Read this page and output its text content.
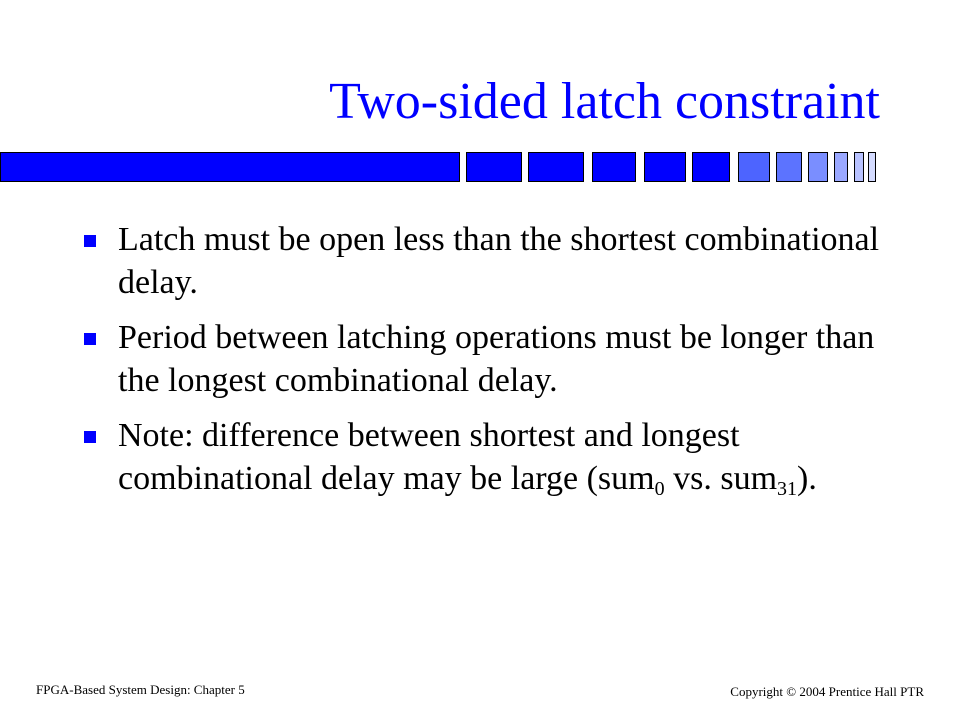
Two-sided latch constraint
Latch must be open less than the shortest combinational delay.
Period between latching operations must be longer than the longest combinational delay.
Note: difference between shortest and longest combinational delay may be large (sum$_0$ vs. sum$_{31}$).
FPGA-Based System Design: Chapter 5	Copyright © 2004 Prentice Hall PTR
